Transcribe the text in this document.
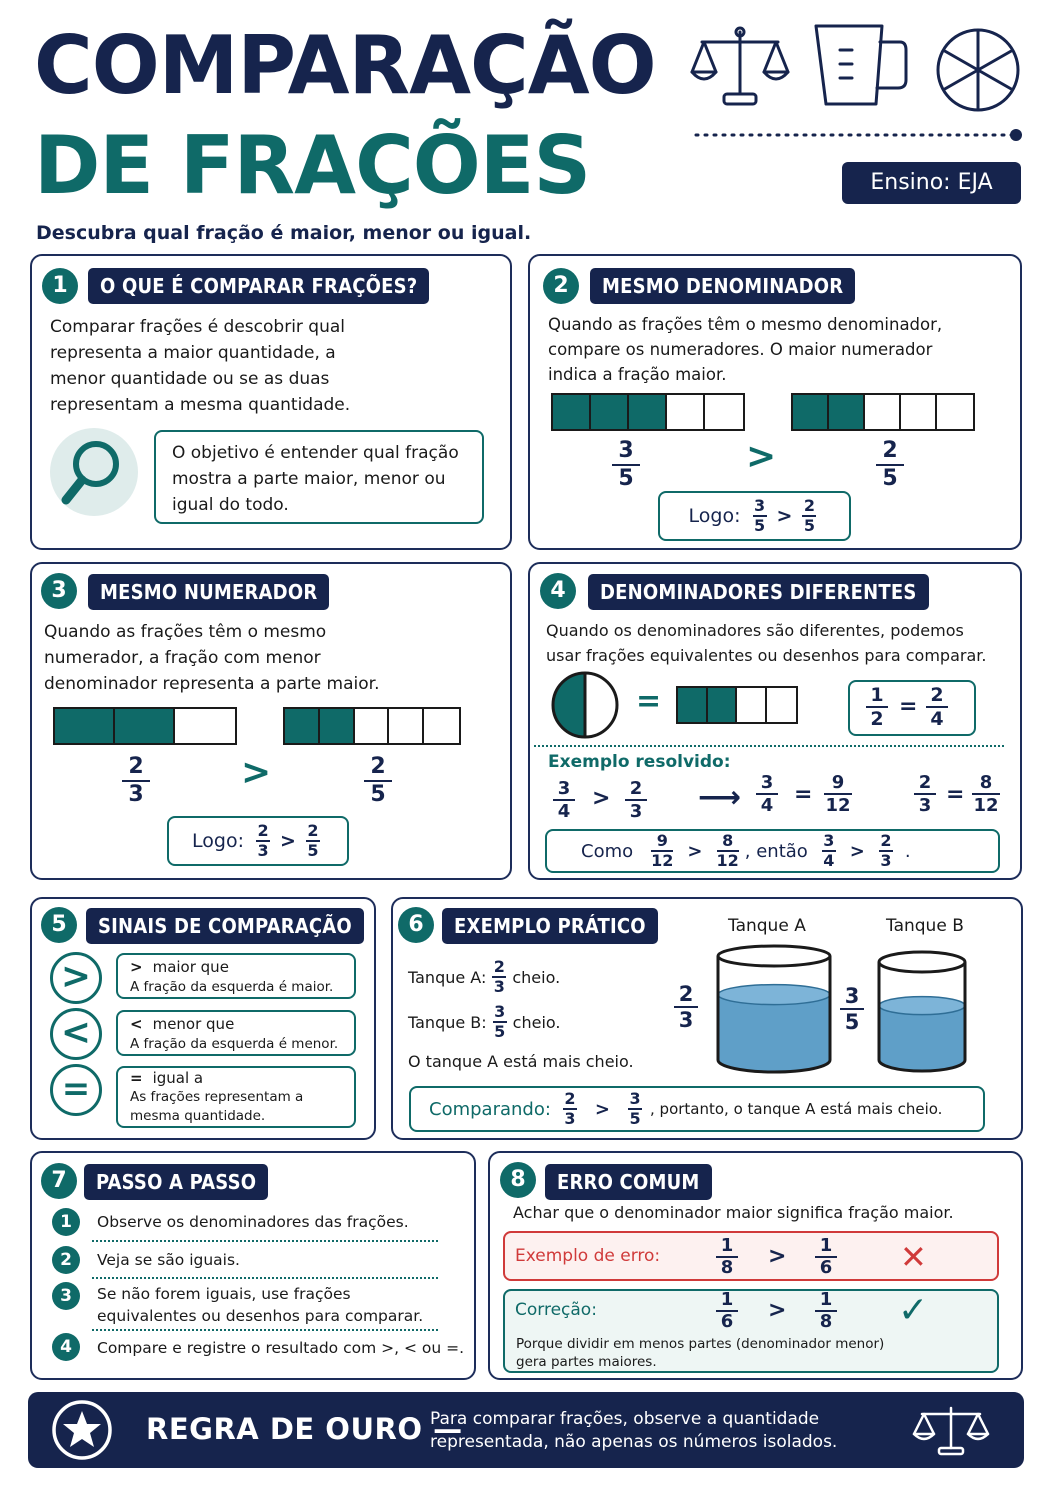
COMPARAÇÃO
DE FRAÇÕES
Descubra qual fração é maior, menor ou igual.
Ensino: EJA
1	O QUE É COMPARAR FRAÇÕES?
Comparar frações é descobrir qual representa a maior quantidade, a menor quantidade ou se as duas representam a mesma quantidade.
O objetivo é entender qual fração mostra a parte maior, menor ou igual do todo.
2	MESMO DENOMINADOR
Quando as frações têm o mesmo denominador, compare os numeradores. O maior numerador indica a fração maior.
3
5
>	2
5
Logo: 3
5 > 2
5
3	MESMO NUMERADOR
Quando as frações têm o mesmo numerador, a fração com menor denominador representa a parte maior.
2
3
>	2
5
Logo: 2
3 > 2
5
4	DENOMINADORES DIFERENTES
Quando os denominadores são diferentes, podemos usar frações equivalentes ou desenhos para comparar.
=	1
2 = 2
4
Exemplo resolvido:
3
4
> 2
3 ⟶ 3
4 = 9
12
2
3 = 8
12
Como 9
12 > 8
12 , então 3
4 > 2
3 .
5	SINAIS DE COMPARAÇÃO
>	> maior que
A fração da esquerda é maior.
<	< menor que
A fração da esquerda é menor.
=	= igual a
As frações representam a mesma quantidade.
6	EXEMPLO PRÁTICO
Tanque A:
2
3 cheio.
Tanque B:
3
5 cheio.
O tanque A está mais cheio.
Tanque A	Tanque B
2
3
3
5
Comparando: 2
3 > 3
5 , portanto, o tanque A está mais cheio.
7	PASSO A PASSO
1	Observe os denominadores das frações.
2	Veja se são iguais.
3	Se não forem iguais, use frações equivalentes ou desenhos para comparar.
4	Compare e registre o resultado com >, < ou =.
8	ERRO COMUM
Achar que o denominador maior significa fração maior.
Exemplo de erro:	1
8 > 1
6 ✕
Correção:	1
6 > 1
8 ✓
Porque dividir em menos partes (denominador menor) gera partes maiores.
REGRA DE OURO —
Para comparar frações, observe a quantidade representada, não apenas os números isolados.
